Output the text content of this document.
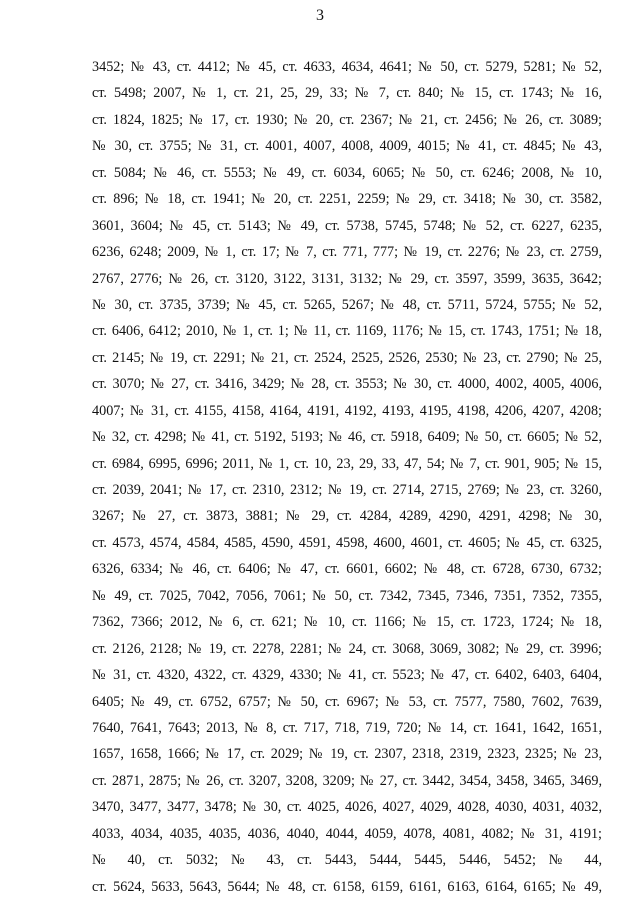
3
3452; № 43, ст. 4412; № 45, ст. 4633, 4634, 4641; № 50, ст. 5279, 5281; № 52,
ст. 5498; 2007, № 1, ст. 21, 25, 29, 33; № 7, ст. 840; № 15, ст. 1743; № 16,
ст. 1824, 1825; № 17, ст. 1930; № 20, ст. 2367; № 21, ст. 2456; № 26, ст. 3089;
№ 30, ст. 3755; № 31, ст. 4001, 4007, 4008, 4009, 4015; № 41, ст. 4845; № 43,
ст. 5084; № 46, ст. 5553; № 49, ст. 6034, 6065; № 50, ст. 6246; 2008, № 10,
ст. 896; № 18, ст. 1941; № 20, ст. 2251, 2259; № 29, ст. 3418; № 30, ст. 3582,
3601, 3604; № 45, ст. 5143; № 49, ст. 5738, 5745, 5748; № 52, ст. 6227, 6235,
6236, 6248; 2009, № 1, ст. 17; № 7, ст. 771, 777; № 19, ст. 2276; № 23, ст. 2759,
2767, 2776; № 26, ст. 3120, 3122, 3131, 3132; № 29, ст. 3597, 3599, 3635, 3642;
№ 30, ст. 3735, 3739; № 45, ст. 5265, 5267; № 48, ст. 5711, 5724, 5755; № 52,
ст. 6406, 6412; 2010, № 1, ст. 1; № 11, ст. 1169, 1176; № 15, ст. 1743, 1751; № 18,
ст. 2145; № 19, ст. 2291; № 21, ст. 2524, 2525, 2526, 2530; № 23, ст. 2790; № 25,
ст. 3070; № 27, ст. 3416, 3429; № 28, ст. 3553; № 30, ст. 4000, 4002, 4005, 4006,
4007; № 31, ст. 4155, 4158, 4164, 4191, 4192, 4193, 4195, 4198, 4206, 4207, 4208;
№ 32, ст. 4298; № 41, ст. 5192, 5193; № 46, ст. 5918, 6409; № 50, ст. 6605; № 52,
ст. 6984, 6995, 6996; 2011, № 1, ст. 10, 23, 29, 33, 47, 54; № 7, ст. 901, 905; № 15,
ст. 2039, 2041; № 17, ст. 2310, 2312; № 19, ст. 2714, 2715, 2769; № 23, ст. 3260,
3267; № 27, ст. 3873, 3881; № 29, ст. 4284, 4289, 4290, 4291, 4298; № 30,
ст. 4573, 4574, 4584, 4585, 4590, 4591, 4598, 4600, 4601, ст. 4605; № 45, ст. 6325,
6326, 6334; № 46, ст. 6406; № 47, ст. 6601, 6602; № 48, ст. 6728, 6730, 6732;
№ 49, ст. 7025, 7042, 7056, 7061; № 50, ст. 7342, 7345, 7346, 7351, 7352, 7355,
7362, 7366; 2012, № 6, ст. 621; № 10, ст. 1166; № 15, ст. 1723, 1724; № 18,
ст. 2126, 2128; № 19, ст. 2278, 2281; № 24, ст. 3068, 3069, 3082; № 29, ст. 3996;
№ 31, ст. 4320, 4322, ст. 4329, 4330; № 41, ст. 5523; № 47, ст. 6402, 6403, 6404,
6405; № 49, ст. 6752, 6757; № 50, ст. 6967; № 53, ст. 7577, 7580, 7602, 7639,
7640, 7641, 7643; 2013, № 8, ст. 717, 718, 719, 720; № 14, ст. 1641, 1642, 1651,
1657, 1658, 1666; № 17, ст. 2029; № 19, ст. 2307, 2318, 2319, 2323, 2325; № 23,
ст. 2871, 2875; № 26, ст. 3207, 3208, 3209; № 27, ст. 3442, 3454, 3458, 3465, 3469,
3470, 3477, 3477, 3478; № 30, ст. 4025, 4026, 4027, 4029, 4028, 4030, 4031, 4032,
4033, 4034, 4035, 4035, 4036, 4040, 4044, 4059, 4078, 4081, 4082; № 31, 4191;
№ 40, ст. 5032; № 43, ст. 5443, 5444, 5445, 5446, 5452; № 44,
ст. 5624, 5633, 5643, 5644; № 48, ст. 6158, 6159, 6161, 6163, 6164, 6165; № 49,
